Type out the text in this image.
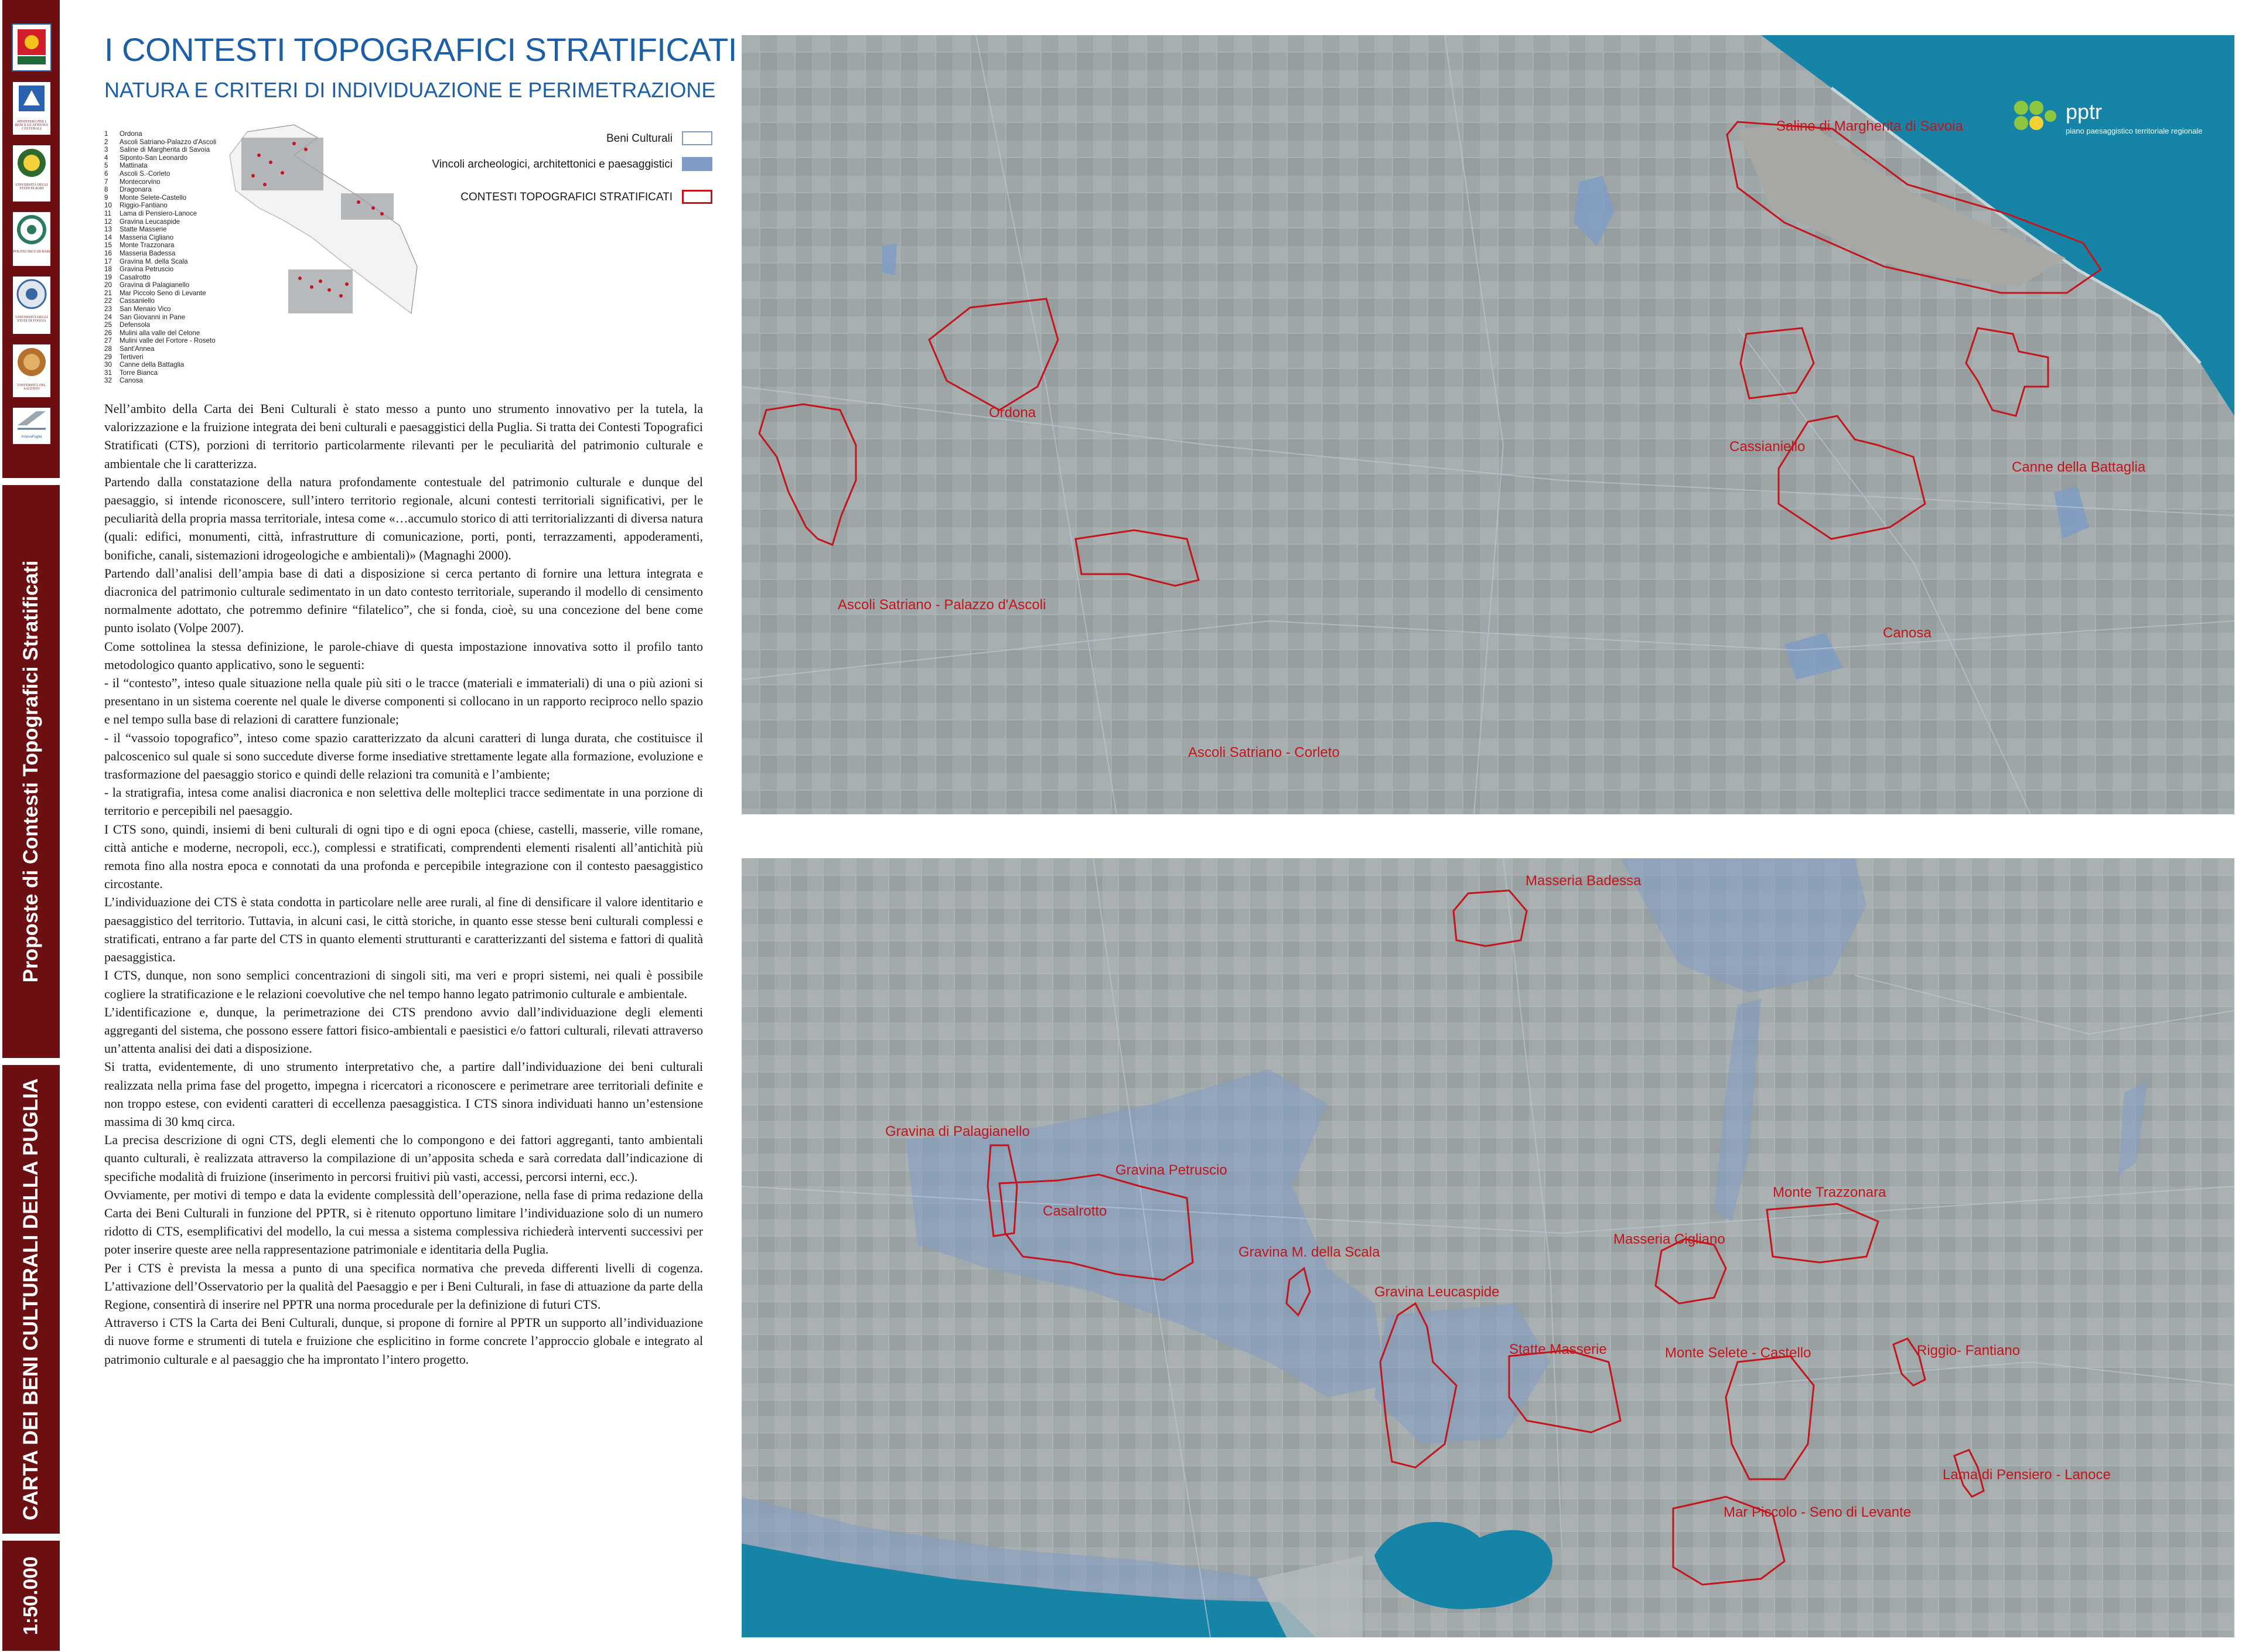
1:50.000
CARTA DEI BENI CULTURALI DELLA PUGLIA
Proposte di Contesti Topografici Stratificati
MINISTERO PER I BENI E LE ATTIVITÀ CULTURALI
UNIVERSITÀ DEGLI STUDI DI BARI
POLITECNICO DI BARI
UNIVERSITÀ DEGLI STUDI DI FOGGIA
UNIVERSITÀ DEL SALENTO
InnovaPuglia
I CONTESTI TOPOGRAFICI STRATIFICATI
NATURA E CRITERI DI INDIVIDUAZIONE E PERIMETRAZIONE
1 Ordona
2 Ascoli Satriano-Palazzo d'Ascoli
3 Saline di Margherita di Savoia
4 Siponto-San Leonardo
5 Mattinata
6 Ascoli S.-Corleto
7 Montecorvino
8 Dragonara
9 Monte Selete-Castello
10 Riggio-Fantiano
11 Lama di Pensiero-Lanoce
12 Gravina Leucaspide
13 Statte Masserie
14 Masseria Cigliano
15 Monte Trazzonara
16 Masseria Badessa
17 Gravina M. della Scala
18 Gravina Petruscio
19 Casalrotto
20 Gravina di Palagianello
21 Mar Piccolo Seno di Levante
22 Cassaniello
23 San Menaio Vico
24 San Giovanni in Pane
25 Defensola
26 Mulini alla valle del Celone
27 Mulini valle del Fortore - Roseto
28 Sant'Annea
29 Tertiveri
30 Canne della Battaglia
31 Torre Bianca
32 Canosa
Beni Culturali
Vincoli archeologici, architettonici e paesaggistici
CONTESTI TOPOGRAFICI STRATIFICATI

Nell’ambito della Carta dei Beni Culturali è stato messo a punto uno strumento innovativo per la tutela, la valorizzazione e la fruizione integrata dei beni culturali e paesaggistici della Puglia. Si tratta dei Contesti Topografici Stratificati (CTS), porzioni di territorio particolarmente rilevanti per le peculiarità del patrimonio culturale e ambientale che li caratterizza.

Partendo dalla constatazione della natura profondamente contestuale del patrimonio culturale e dunque del paesaggio, si intende riconoscere, sull’intero territorio regionale, alcuni contesti territoriali significativi, per le peculiarità della propria massa territoriale, intesa come «…accumulo storico di atti territorializzanti di diversa natura (quali: edifici, monumenti, città, infrastrutture di comunicazione, porti, ponti, terrazzamenti, appoderamenti, bonifiche, canali, sistemazioni idrogeologiche e ambientali)» (Magnaghi 2000).

Partendo dall’analisi dell’ampia base di dati a disposizione si cerca pertanto di fornire una lettura integrata e diacronica del patrimonio culturale sedimentato in un dato contesto territoriale, superando il modello di censimento normalmente adottato, che potremmo definire “filatelico”, che si fonda, cioè, su una concezione del bene come punto isolato (Volpe 2007).

Come sottolinea la stessa definizione, le parole-chiave di questa impostazione innovativa sotto il profilo tanto metodologico quanto applicativo, sono le seguenti:

- il “contesto”, inteso quale situazione nella quale più siti o le tracce (materiali e immateriali) di una o più azioni si presentano in un sistema coerente nel quale le diverse componenti si collocano in un rapporto reciproco nello spazio e nel tempo sulla base di relazioni di carattere funzionale;

- il “vassoio topografico”, inteso come spazio caratterizzato da alcuni caratteri di lunga durata, che costituisce il palcoscenico sul quale si sono succedute diverse forme insediative strettamente legate alla formazione, evoluzione e trasformazione del paesaggio storico e quindi delle relazioni tra comunità e l’ambiente;

- la stratigrafia, intesa come analisi diacronica e non selettiva delle molteplici tracce sedimentate in una porzione di territorio e percepibili nel paesaggio.

I CTS sono, quindi, insiemi di beni culturali di ogni tipo e di ogni epoca (chiese, castelli, masserie, ville romane, città antiche e moderne, necropoli, ecc.), complessi e stratificati, comprendenti elementi risalenti all’antichità più remota fino alla nostra epoca e connotati da una profonda e percepibile integrazione con il contesto paesaggistico circostante.

L’individuazione dei CTS è stata condotta in particolare nelle aree rurali, al fine di densificare il valore identitario e paesaggistico del territorio. Tuttavia, in alcuni casi, le città storiche, in quanto esse stesse beni culturali complessi e stratificati, entrano a far parte del CTS in quanto elementi strutturanti e caratterizzanti del sistema e fattori di qualità paesaggistica.

I CTS, dunque, non sono semplici concentrazioni di singoli siti, ma veri e propri sistemi, nei quali è possibile cogliere la stratificazione e le relazioni coevolutive che nel tempo hanno legato patrimonio culturale e ambientale.

L’identificazione e, dunque, la perimetrazione dei CTS prendono avvio dall’individuazione degli elementi aggreganti del sistema, che possono essere fattori fisico-ambientali e paesistici e/o fattori culturali, rilevati attraverso un’attenta analisi dei dati a disposizione.

Si tratta, evidentemente, di uno strumento interpretativo che, a partire dall’individuazione dei beni culturali realizzata nella prima fase del progetto, impegna i ricercatori a riconoscere e perimetrare aree territoriali definite e non troppo estese, con evidenti caratteri di eccellenza paesaggistica. I CTS sinora individuati hanno un’estensione massima di 30 kmq circa.

La precisa descrizione di ogni CTS, degli elementi che lo compongono e dei fattori aggreganti, tanto ambientali quanto culturali, è realizzata attraverso la compilazione di un’apposita scheda e sarà corredata dall’indicazione di specifiche modalità di fruizione (inserimento in percorsi fruitivi più vasti, accessi, percorsi interni, ecc.).

Ovviamente, per motivi di tempo e data la evidente complessità dell’operazione, nella fase di prima redazione della Carta dei Beni Culturali in funzione del PPTR, si è ritenuto opportuno limitare l’individuazione solo di un numero ridotto di CTS, esemplificativi del modello, la cui messa a sistema complessiva richiederà interventi successivi per poter inserire queste aree nella rappresentazione patrimoniale e identitaria della Puglia.

Per i CTS è prevista la messa a punto di una specifica normativa che preveda differenti livelli di cogenza. L’attivazione dell’Osservatorio per la qualità del Paesaggio e per i Beni Culturali, in fase di attuazione da parte della Regione, consentirà di inserire nel PPTR una norma procedurale per la definizione di futuri CTS.

Attraverso i CTS la Carta dei Beni Culturali, dunque, si propone di fornire al PPTR un supporto all’individuazione di nuove forme e strumenti di tutela e fruizione che esplicitino in forme concrete l’approccio globale e integrato al patrimonio culturale e al paesaggio che ha improntato l’intero progetto.

Saline di Margherita di Savoia
Ordona
Cassianiello
Canne della Battaglia
Ascoli Satriano - Palazzo d'Ascoli
Canosa
Ascoli Satriano - Corleto
pptr
piano paesaggistico territoriale regionale
Masseria Badessa
Gravina di Palagianello
Gravina Petruscio
Monte Trazzonara
Casalrotto
Masseria Cigliano
Gravina M. della Scala
Gravina Leucaspide
Statte Masserie	Monte Selete - Castello	Riggio- Fantiano
Lama di Pensiero - Lanoce
Mar Piccolo - Seno di Levante
